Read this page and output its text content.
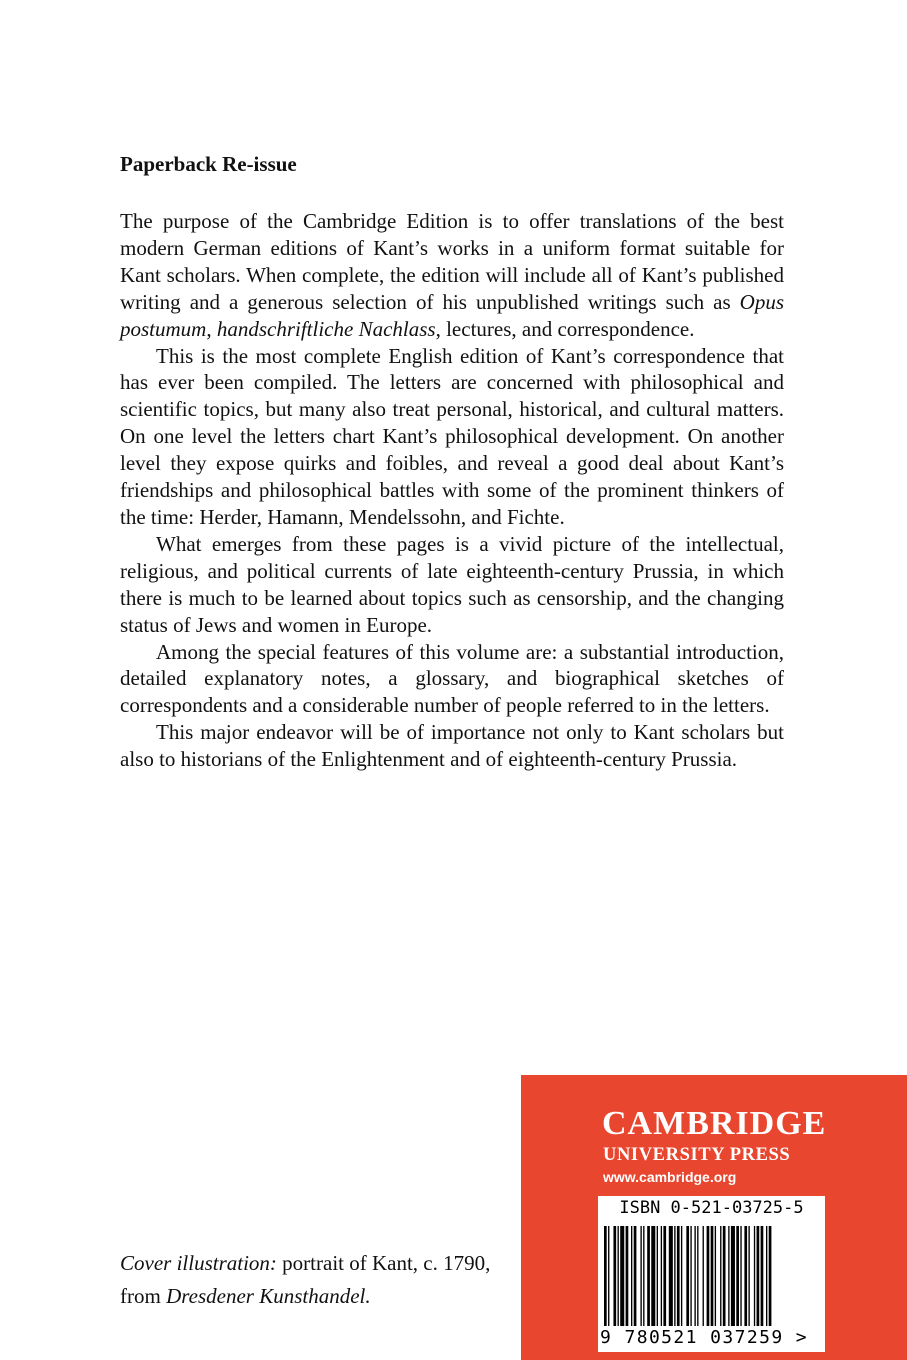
Paperback Re-issue

The purpose of the Cambridge Edition is to offer translations of the best modern German editions of Kant’s works in a uniform format suitable for Kant scholars. When complete, the edition will include all of Kant’s published writing and a generous selection of his unpublished writings such as Opus postumum, handschriftliche Nachlass, lectures, and correspondence.

This is the most complete English edition of Kant’s correspondence that has ever been compiled. The letters are concerned with philosophical and scientific topics, but many also treat personal, historical, and cultural matters. On one level the letters chart Kant’s philosophical development. On another level they expose quirks and foibles, and reveal a good deal about Kant’s friendships and philosophical battles with some of the prominent thinkers of the time: Herder, Hamann, Mendelssohn, and Fichte.

What emerges from these pages is a vivid picture of the intellectual, religious, and political currents of late eighteenth-century Prussia, in which there is much to be learned about topics such as censorship, and the changing status of Jews and women in Europe.

Among the special features of this volume are: a substantial introduction, detailed explanatory notes, a glossary, and biographical sketches of correspondents and a considerable number of people referred to in the letters.

This major endeavor will be of importance not only to Kant scholars but also to historians of the Enlightenment and of eighteenth-century Prussia.

Cover illustration: portrait of Kant, c. 1790, from Dresdener Kunsthandel.
CAMBRIDGE
UNIVERSITY PRESS
www.cambridge.org
ISBN 0-521-03725-5
9 780521 037259 >
